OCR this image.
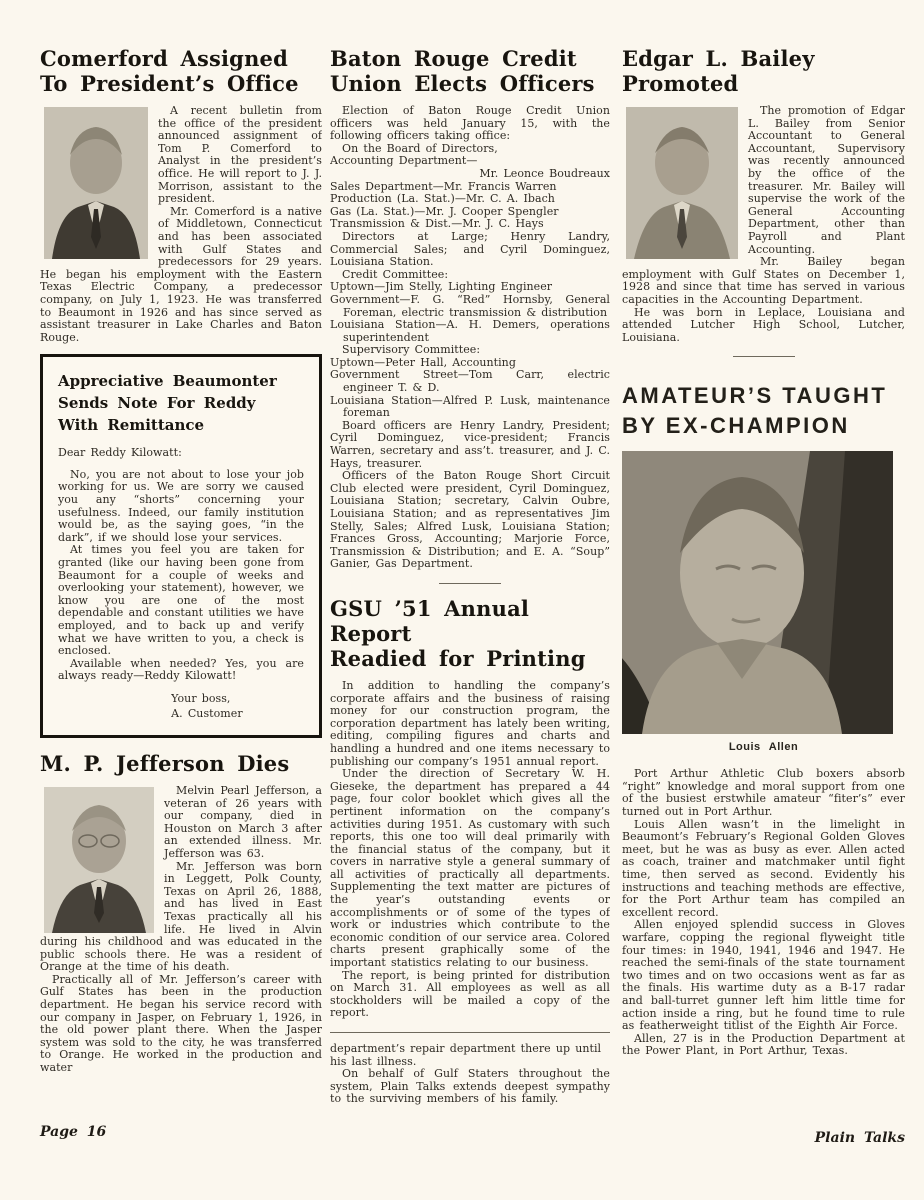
Comerford Assigned
To President’s Office

A recent bulletin from the office of the president announced assignment of Tom P. Comerford to Analyst in the president’s office. He will report to J. J. Morrison, assistant to the president.

Mr. Comerford is a native of Middletown, Connecticut and has been associated with Gulf States and predecessors for 29 years. He began his employment with the Eastern Texas Electric Company, a predecessor company, on July 1, 1923. He was transferred to Beaumont in 1926 and has since served as assistant treasurer in Lake Charles and Baton Rouge.

Appreciative Beaumonter Sends Note For Reddy With Remittance

Dear Reddy Kilowatt:

No, you are not about to lose your job working for us. We are sorry we caused you any “shorts” concerning your usefulness. Indeed, our family institution would be, as the saying goes, “in the dark”, if we should lose your services.

At times you feel you are taken for granted (like our having been gone from Beaumont for a couple of weeks and overlooking your statement), however, we know you are one of the most dependable and constant utilities we have employed, and to back up and verify what we have written to you, a check is enclosed.

Available when needed? Yes, you are always ready—Reddy Kilowatt!

Your boss,

A. Customer

M. P. Jefferson Dies

Melvin Pearl Jefferson, a veteran of 26 years with our company, died in Houston on March 3 after an extended illness. Mr. Jefferson was 63.

Mr. Jefferson was born in Leggett, Polk County, Texas on April 26, 1888, and has lived in East Texas practically all his life. He lived in Alvin during his childhood and was educated in the public schools there. He was a resident of Orange at the time of his death.

Practically all of Mr. Jefferson’s career with Gulf States has been in the production department. He began his service record with our company in Jasper, on February 1, 1926, in the old power plant there. When the Jasper system was sold to the city, he was transferred to Orange. He worked in the production and water

Baton Rouge Credit
Union Elects Officers

Election of Baton Rouge Credit Union officers was held January 15, with the following officers taking office:

On the Board of Directors,

Accounting Department—

Mr. Leonce Boudreaux

Sales Department—Mr. Francis Warren

Production (La. Stat.)—Mr. C. A. Ibach

Gas (La. Stat.)—Mr. J. Cooper Spengler

Transmission & Dist.—Mr. J. C. Hays

Directors at Large; Henry Landry, Commercial Sales; and Cyril Dominguez, Louisiana Station.

Credit Committee:

Uptown—Jim Stelly, Lighting Engineer

Government—F. G. “Red” Hornsby, General Foreman, electric transmission & distribution

Louisiana Station—A. H. Demers, operations superintendent

Supervisory Committee:

Uptown—Peter Hall, Accounting

Government Street—Tom Carr, electric engineer T. & D.

Louisiana Station—Alfred P. Lusk, maintenance foreman

Board officers are Henry Landry, President; Cyril Dominguez, vice-president; Francis Warren, secretary and ass’t. treasurer, and J. C. Hays, treasurer.

Officers of the Baton Rouge Short Circuit Club elected were president, Cyril Dominguez, Louisiana Station; secretary, Calvin Oubre, Louisiana Station; and as representatives Jim Stelly, Sales; Alfred Lusk, Louisiana Station; Frances Gross, Accounting; Marjorie Force, Transmission & Distribution; and E. A. “Soup” Ganier, Gas Department.

GSU ’51 Annual Report
Readied for Printing

In addition to handling the company’s corporate affairs and the business of raising money for our construction program, the corporation department has lately been writing, editing, compiling figures and charts and handling a hundred and one items necessary to publishing our company’s 1951 annual report.

Under the direction of Secretary W. H. Gieseke, the department has prepared a 44 page, four color booklet which gives all the pertinent information on the company’s activities during 1951. As customary with such reports, this one too will deal primarily with the financial status of the company, but it covers in narrative style a general summary of all activities of practically all departments. Supplementing the text matter are pictures of the year’s outstanding events or accomplishments or of some of the types of work or industries which contribute to the economic condition of our service area. Colored charts present graphically some of the important statistics relating to our business.

The report, is being printed for distribution on March 31. All employees as well as all stockholders will be mailed a copy of the report.

department’s repair department there up until his last illness.

On behalf of Gulf Staters throughout the system, Plain Talks extends deepest sympathy to the surviving members of his family.

Edgar L. Bailey
Promoted

The promotion of Edgar L. Bailey from Senior Accountant to General Accountant, Supervisory was recently announced by the office of the treasurer. Mr. Bailey will supervise the work of the General Accounting Department, other than Payroll and Plant Accounting.

Mr. Bailey began employment with Gulf States on December 1, 1928 and since that time has served in various capacities in the Accounting Department.

He was born in Leplace, Louisiana and attended Lutcher High School, Lutcher, Louisiana.

AMATEUR’S TAUGHT
BY EX-CHAMPION
Louis Allen

Port Arthur Athletic Club boxers absorb “right” knowledge and moral support from one of the busiest erstwhile amateur “fiter’s” ever turned out in Port Arthur.

Louis Allen wasn’t in the limelight in Beaumont’s February’s Regional Golden Gloves meet, but he was as busy as ever. Allen acted as coach, trainer and matchmaker until fight time, then served as second. Evidently his instructions and teaching methods are effective, for the Port Arthur team has compiled an excellent record.

Allen enjoyed splendid success in Gloves warfare, copping the regional flyweight title four times: in 1940, 1941, 1946 and 1947. He reached the semi-finals of the state tournament two times and on two occasions went as far as the finals. His wartime duty as a B-17 radar and ball-turret gunner left him little time for action inside a ring, but he found time to rule as featherweight titlist of the Eighth Air Force.

Allen, 27 is in the Production Department at the Power Plant, in Port Arthur, Texas.

Page 16	Plain Talks
